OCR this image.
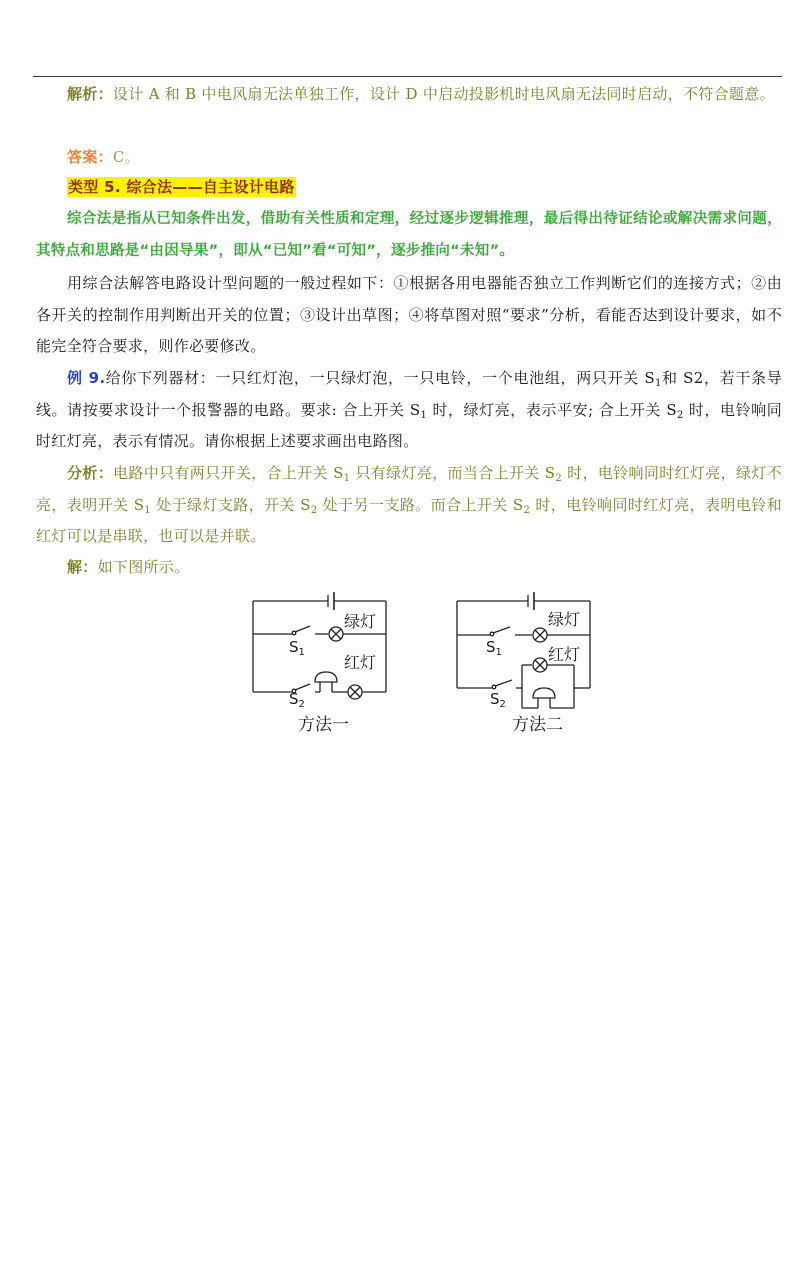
解析：设计 A 和 B 中电风扇无法单独工作，设计 D 中启动投影机时电风扇无法同时启动，不符合题意。
答案：C。
类型 5. 综合法——自主设计电路
综合法是指从已知条件出发，借助有关性质和定理，经过逐步逻辑推理，最后得出待证结论或解决需求问题，其特点和思路是“由因导果”，即从“已知”看“可知”，逐步推向“未知”。
用综合法解答电路设计型问题的一般过程如下：①根据各用电器能否独立工作判断它们的连接方式；②由各开关的控制作用判断出开关的位置；③设计出草图；④将草图对照“要求”分析，看能否达到设计要求，如不能完全符合要求，则作必要修改。
例 9.给你下列器材：一只红灯泡，一只绿灯泡，一只电铃，一个电池组，两只开关 $S_1$和 S2，若干条导线。请按要求设计一个报警器的电路。要求: 合上开关 $S_1$ 时，绿灯亮，表示平安; 合上开关 $S_2$ 时，电铃响同时红灯亮，表示有情况。请你根据上述要求画出电路图。
分析：电路中只有两只开关，合上开关 $S_1$ 只有绿灯亮，而当合上开关 $S_2$ 时，电铃响同时红灯亮，绿灯不亮，表明开关 $S_1$ 处于绿灯支路，开关 $S_2$ 处于另一支路。而合上开关 $S_2$ 时，电铃响同时红灯亮，表明电铃和红灯可以是串联，也可以是并联。
解：如下图所示。
绿灯
红灯
$S_1$
$S_2$
方法一
绿灯
红灯
$S_1$
$S_2$
方法二
